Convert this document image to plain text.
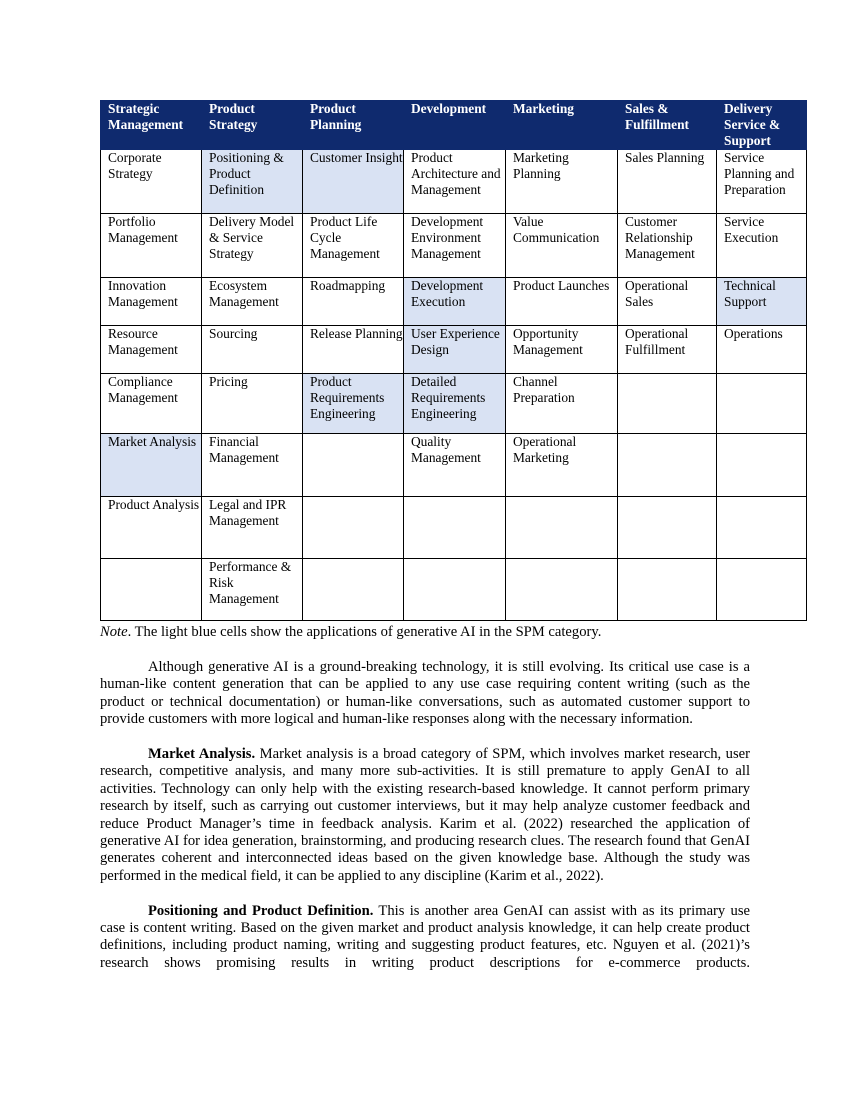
Strategic Management	Product Strategy	Product Planning	Development	Marketing	Sales & Fulfillment	Delivery Service & Support
Corporate Strategy	Positioning & Product Definition	Customer Insight	Product Architecture and Management	Marketing Planning	Sales Planning	Service Planning and Preparation
Portfolio Management	Delivery Model & Service Strategy	Product Life Cycle Management	Development Environment Management	Value Communication	Customer Relationship Management	Service Execution
Innovation Management	Ecosystem Management	Roadmapping	Development Execution	Product Launches	Operational Sales	Technical Support
Resource Management	Sourcing	Release Planning	User Experience Design	Opportunity Management	Operational Fulfillment	Operations
Compliance Management	Pricing	Product Requirements Engineering	Detailed Requirements Engineering	Channel Preparation		
Market Analysis	Financial Management		Quality Management	Operational Marketing		
Product Analysis	Legal and IPR Management					
	Performance & Risk Management					
Note. The light blue cells show the applications of generative AI in the SPM category.

Although generative AI is a ground-breaking technology, it is still evolving. Its critical use case is a human-like content generation that can be applied to any use case requiring content writing (such as the product or technical documentation) or human-like conversations, such as automated customer support to provide customers with more logical and human-like responses along with the necessary information.

Market Analysis. Market analysis is a broad category of SPM, which involves market research, user research, competitive analysis, and many more sub-activities. It is still premature to apply GenAI to all activities. Technology can only help with the existing research-based knowledge. It cannot perform primary research by itself, such as carrying out customer interviews, but it may help analyze customer feedback and reduce Product Manager’s time in feedback analysis. Karim et al. (2022) researched the application of generative AI for idea generation, brainstorming, and producing research clues. The research found that GenAI generates coherent and interconnected ideas based on the given knowledge base. Although the study was performed in the medical field, it can be applied to any discipline (Karim et al., 2022).

Positioning and Product Definition. This is another area GenAI can assist with as its primary use case is content writing. Based on the given market and product analysis knowledge, it can help create product definitions, including product naming, writing and suggesting product features, etc. Nguyen et al. (2021)’s research shows promising results in writing product descriptions for e-commerce products.
